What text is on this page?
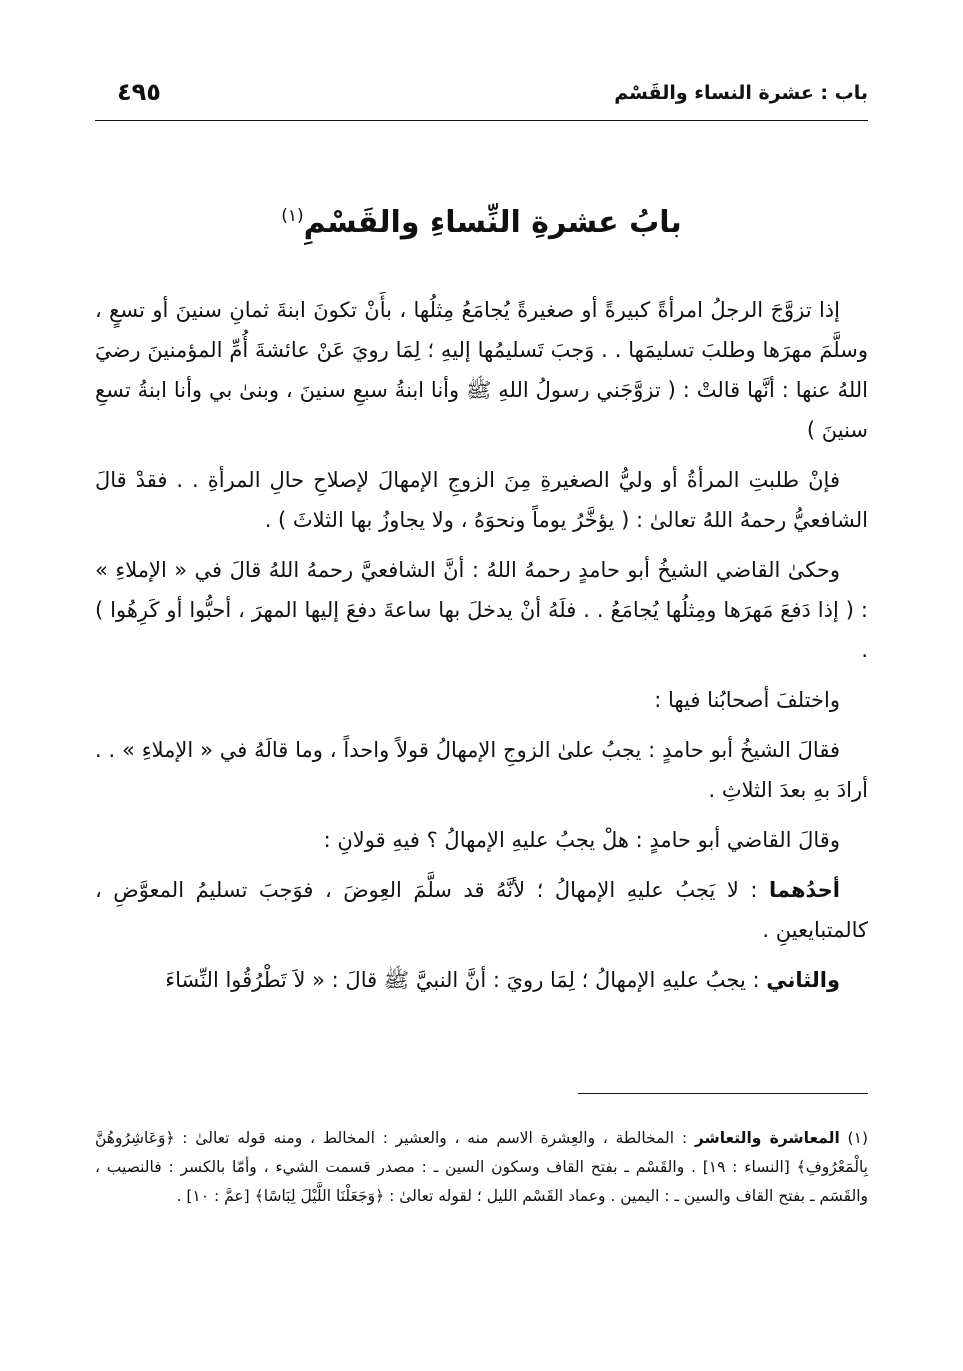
باب : عشرة النساء والقَسْم
٤٩٥
بابُ عشرةِ النِّساءِ والقَسْمِ$^{(١)}$

إذا تزوَّجَ الرجلُ امرأةً كبيرةً أو صغيرةً يُجامَعُ مِثلُها ، بأَنْ تكونَ ابنةَ ثمانِ سنينَ أو تسعٍ ، وسلَّمَ مهرَها وطلبَ تسليمَها . . وَجبَ تَسليمُها إليهِ ؛ لِمَا رويَ عَنْ عائشةَ أُمِّ المؤمنينَ رضيَ اللهُ عنها : أنَّها قالتْ : ( تزوَّجَني رسولُ اللهِ ﷺ وأنا ابنةُ سبعِ سنينَ ، وبنىٰ بي وأنا ابنةُ تسعِ سنينَ )

فإنْ طلبتِ المرأةُ أو وليُّ الصغيرةِ مِنَ الزوجِ الإمهالَ لإصلاحِ حالِ المرأةِ . . فقدْ قالَ الشافعيُّ رحمهُ اللهُ تعالىٰ : ( يؤخَّرُ يوماً ونحوَهُ ، ولا يجاوزُ بها الثلاثَ ) .

وحكىٰ القاضي الشيخُ أبو حامدٍ رحمهُ اللهُ : أنَّ الشافعيَّ رحمهُ اللهُ قالَ في « الإملاءِ » : ( إذا دَفعَ مَهرَها ومِثلُها يُجامَعُ . . فلَهُ أنْ يدخلَ بها ساعةَ دفعَ إليها المهرَ ، أحبُّوا أو كَرِهُوا ) .

واختلفَ أصحابُنا فيها :

فقالَ الشيخُ أبو حامدٍ : يجبُ علىٰ الزوجِ الإمهالُ قولاً واحداً ، وما قالَهُ في « الإملاءِ » . . أرادَ بهِ بعدَ الثلاثِ .

وقالَ القاضي أبو حامدٍ : هلْ يجبُ عليهِ الإمهالُ ؟ فيهِ قولانِ :

أحدُهما : لا يَجبُ عليهِ الإمهالُ ؛ لأنَّهُ قد سلَّمَ العِوضَ ، فوَجبَ تسليمُ المعوَّضِ ، كالمتبايعينِ .

والثاني : يجبُ عليهِ الإمهالُ ؛ لِمَا رويَ : أنَّ النبيَّ ﷺ قالَ : « لاَ تَطْرُقُوا النِّسَاءَ

(١) المعاشرة والتعاشر : المخالطة ، والعِشرة الاسم منه ، والعشير : المخالط ، ومنه قوله تعالىٰ : ﴿وَعَاشِرُوهُنَّ بِالْمَعْرُوفِ﴾ [النساء : ١٩] . والقَسْم ـ بفتح القاف وسكون السين ـ : مصدر قسمت الشيء ، وأمّا بالكسر : فالنصيب ، والقَسَم ـ بفتح القاف والسين ـ : اليمين . وعماد القَسْم الليل ؛ لقوله تعالىٰ : ﴿وَجَعَلْنَا اللَّيْلَ لِبَاسًا﴾ [عمَّ : ١٠] .
